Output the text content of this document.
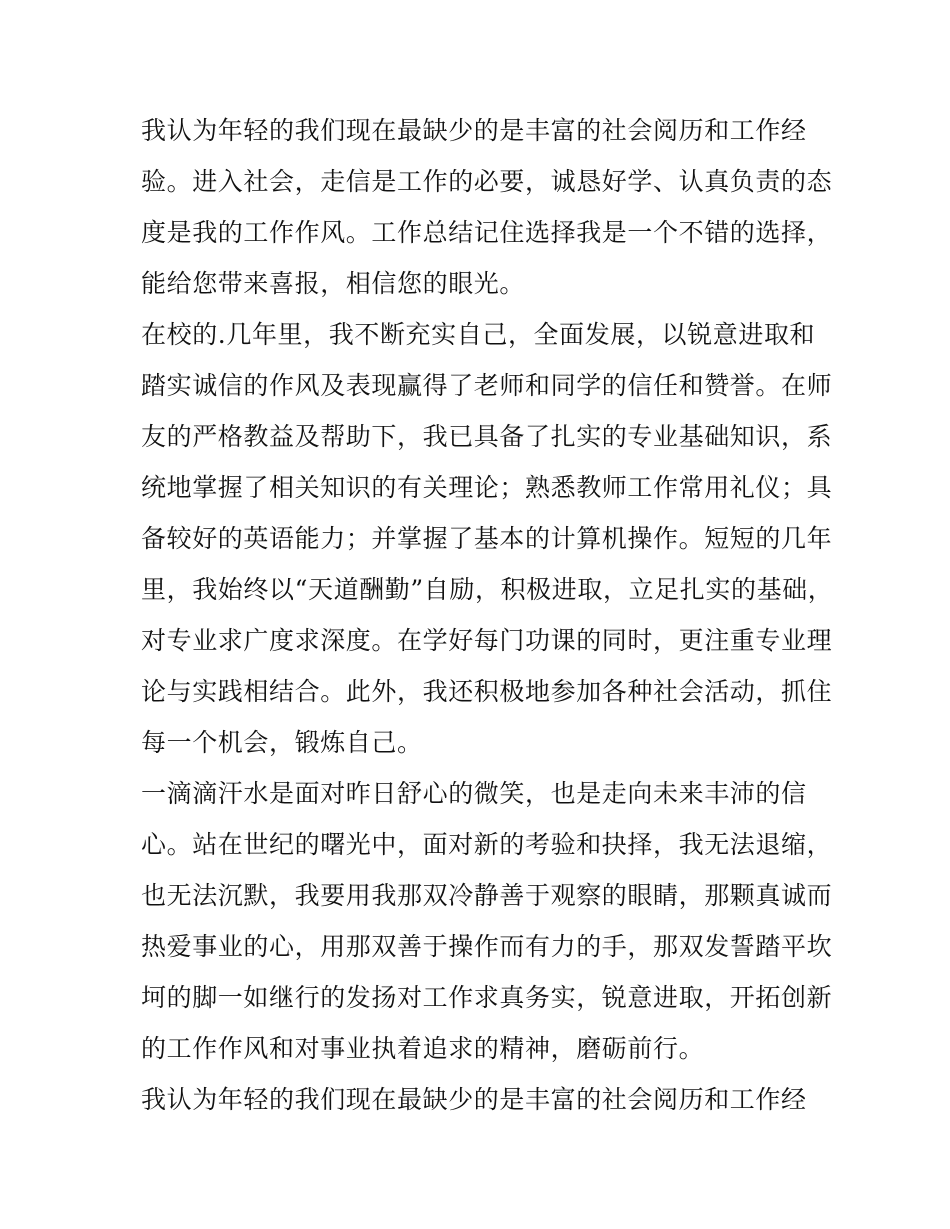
我认为年轻的我们现在最缺少的是丰富的社会阅历和工作经
验。进入社会，走信是工作的必要，诚恳好学、认真负责的态
度是我的工作作风。工作总结记住选择我是一个不错的选择，
能给您带来喜报，相信您的眼光。
在校的.几年里，我不断充实自己，全面发展，以锐意进取和
踏实诚信的作风及表现赢得了老师和同学的信任和赞誉。在师
友的严格教益及帮助下，我已具备了扎实的专业基础知识，系
统地掌握了相关知识的有关理论；熟悉教师工作常用礼仪；具
备较好的英语能力；并掌握了基本的计算机操作。短短的几年
里，我始终以“天道酬勤”自励，积极进取，立足扎实的基础，
对专业求广度求深度。在学好每门功课的同时，更注重专业理
论与实践相结合。此外，我还积极地参加各种社会活动，抓住
每一个机会，锻炼自己。
一滴滴汗水是面对昨日舒心的微笑，也是走向未来丰沛的信
心。站在世纪的曙光中，面对新的考验和抉择，我无法退缩，
也无法沉默，我要用我那双冷静善于观察的眼睛，那颗真诚而
热爱事业的心，用那双善于操作而有力的手，那双发誓踏平坎
坷的脚一如继行的发扬对工作求真务实，锐意进取，开拓创新
的工作作风和对事业执着追求的精神，磨砺前行。
我认为年轻的我们现在最缺少的是丰富的社会阅历和工作经
